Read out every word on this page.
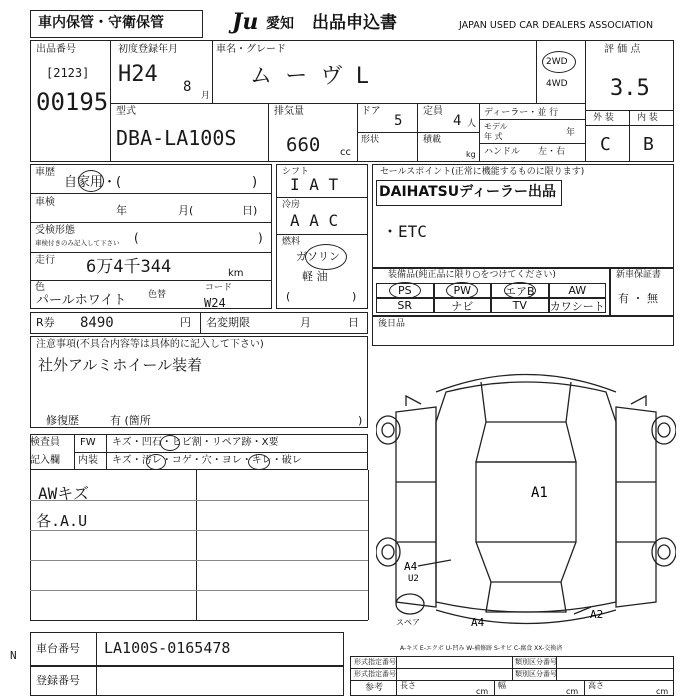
車内保管・守衛保管	Ju 愛知 出品申込書	JAPAN USED CAR DEALERS ASSOCIATION
出品番号
[2123]
00195
初度登録年月
H24 8
月
車名・グレード
ム ー ヴ L
2WD
4WD
評 価 点
3.5
外 装	内 装
C B
型式
DBA-LA100S
排気量
660 cc
ドア
5
定員
4 人
ディーラー・並 行
形状	積載
kg
モデル
年 式	年
ハンドル 左・右
車歴
自家用・(	)
車検
年	月(	日)
受検形態
車検付きのみ記入して下さい (	)
走行 6万4千344	km
色
パールホワイト 色替
コード
W24
シフト
I A T
冷房
A A C
燃料
ガソリン
軽 油
(	)
セールスポイント(正常に機能するものに限ります)
DAIHATSUディーラー出品
・ETC
装備品(純正品に限り○をつけてください)
PS	PW	エアB	AW
SR	ナビ	TV	カワシート
新車保証書
有 ・ 無
R券 8490	円 名変期限	月	日 後日品
注意事項(不具合内容等は具体的に記入して下さい)
社外アルミホイール装着
修復歴	有 (箇所	)
検査員
記入欄
FW キズ・凹石・ヒビ割・リペア跡・X要
内装 キズ・汚レ・コゲ・穴・ヨレ・キレ・破レ
AWキズ
各.A.U
A1
A4
U2
A2
A4
スペア
A-キズ E-エクボ U-凹み W-補修跡 S-サビ C-腐食 XX-交換済
車台番号 LA100S-0165478
N
登録番号
形式指定番号	類別区分番号
形式指定番号	類別区分番号
参考 長さ
cm
幅
cm
高さ
cm
